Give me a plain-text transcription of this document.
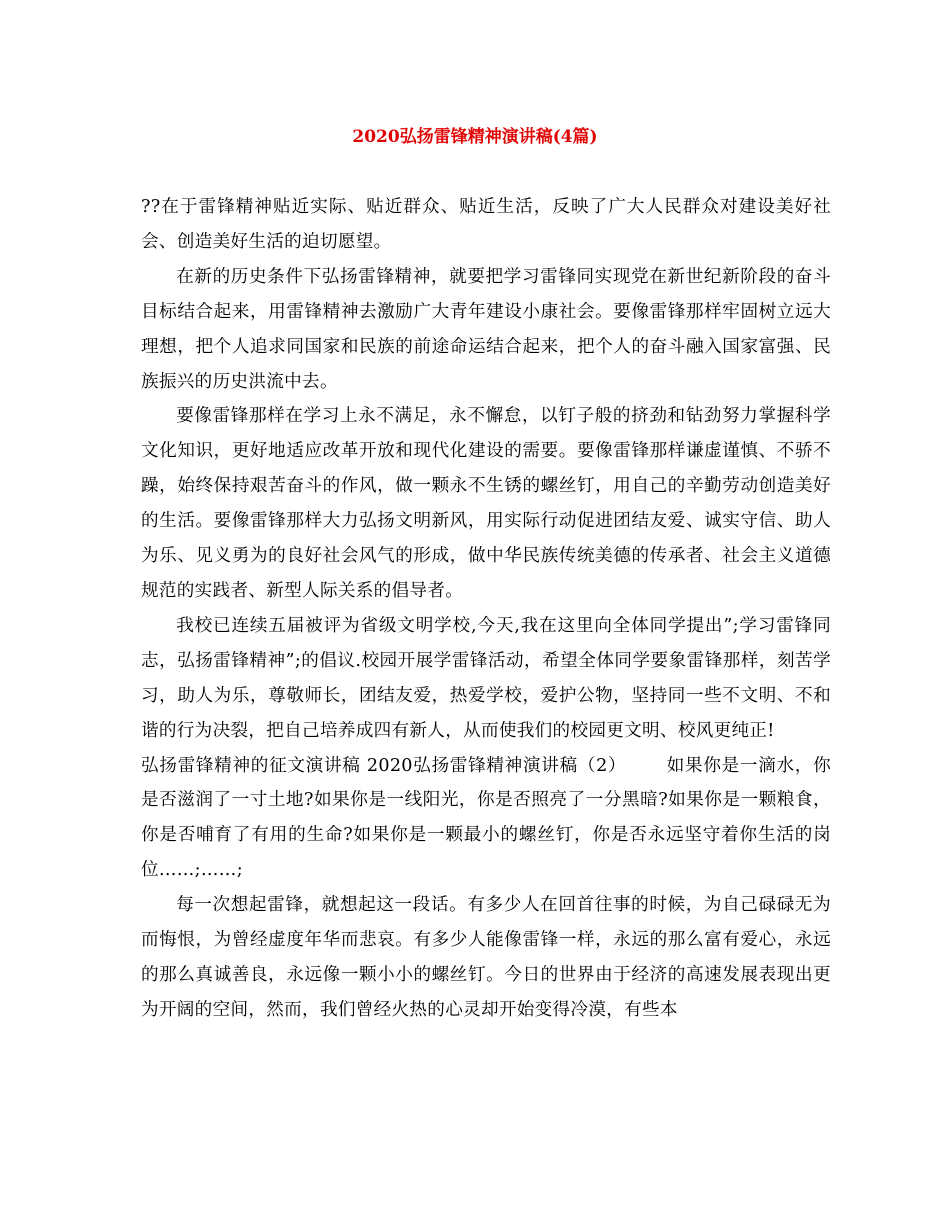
2020弘扬雷锋精神演讲稿(4篇)

??在于雷锋精神贴近实际、贴近群众、贴近生活，反映了广大人民群众对建设美好社会、创造美好生活的迫切愿望。

在新的历史条件下弘扬雷锋精神，就要把学习雷锋同实现党在新世纪新阶段的奋斗目标结合起来，用雷锋精神去激励广大青年建设小康社会。要像雷锋那样牢固树立远大理想，把个人追求同国家和民族的前途命运结合起来，把个人的奋斗融入国家富强、民族振兴的历史洪流中去。

要像雷锋那样在学习上永不满足，永不懈怠，以钉子般的挤劲和钻劲努力掌握科学文化知识，更好地适应改革开放和现代化建设的需要。要像雷锋那样谦虚谨慎、不骄不躁，始终保持艰苦奋斗的作风，做一颗永不生锈的螺丝钉，用自己的辛勤劳动创造美好的生活。要像雷锋那样大力弘扬文明新风，用实际行动促进团结友爱、诚实守信、助人为乐、见义勇为的良好社会风气的形成，做中华民族传统美德的传承者、社会主义道德规范的实践者、新型人际关系的倡导者。

我校已连续五届被评为省级文明学校,今天,我在这里向全体同学提出”;学习雷锋同志，弘扬雷锋精神”;的倡议.校园开展学雷锋活动，希望全体同学要象雷锋那样，刻苦学习，助人为乐，尊敬师长，团结友爱，热爱学校，爱护公物，坚持同一些不文明、不和谐的行为决裂，把自己培养成四有新人，从而使我们的校园更文明、校风更纯正!

弘扬雷锋精神的征文演讲稿 2020弘扬雷锋精神演讲稿（2） 如果你是一滴水，你是否滋润了一寸土地?如果你是一线阳光，你是否照亮了一分黑暗?如果你是一颗粮食，你是否哺育了有用的生命?如果你是一颗最小的螺丝钉，你是否永远坚守着你生活的岗位……;……;

每一次想起雷锋，就想起这一段话。有多少人在回首往事的时候，为自己碌碌无为而悔恨，为曾经虚度年华而悲哀。有多少人能像雷锋一样，永远的那么富有爱心，永远的那么真诚善良，永远像一颗小小的螺丝钉。今日的世界由于经济的高速发展表现出更为开阔的空间，然而，我们曾经火热的心灵却开始变得冷漠，有些本
